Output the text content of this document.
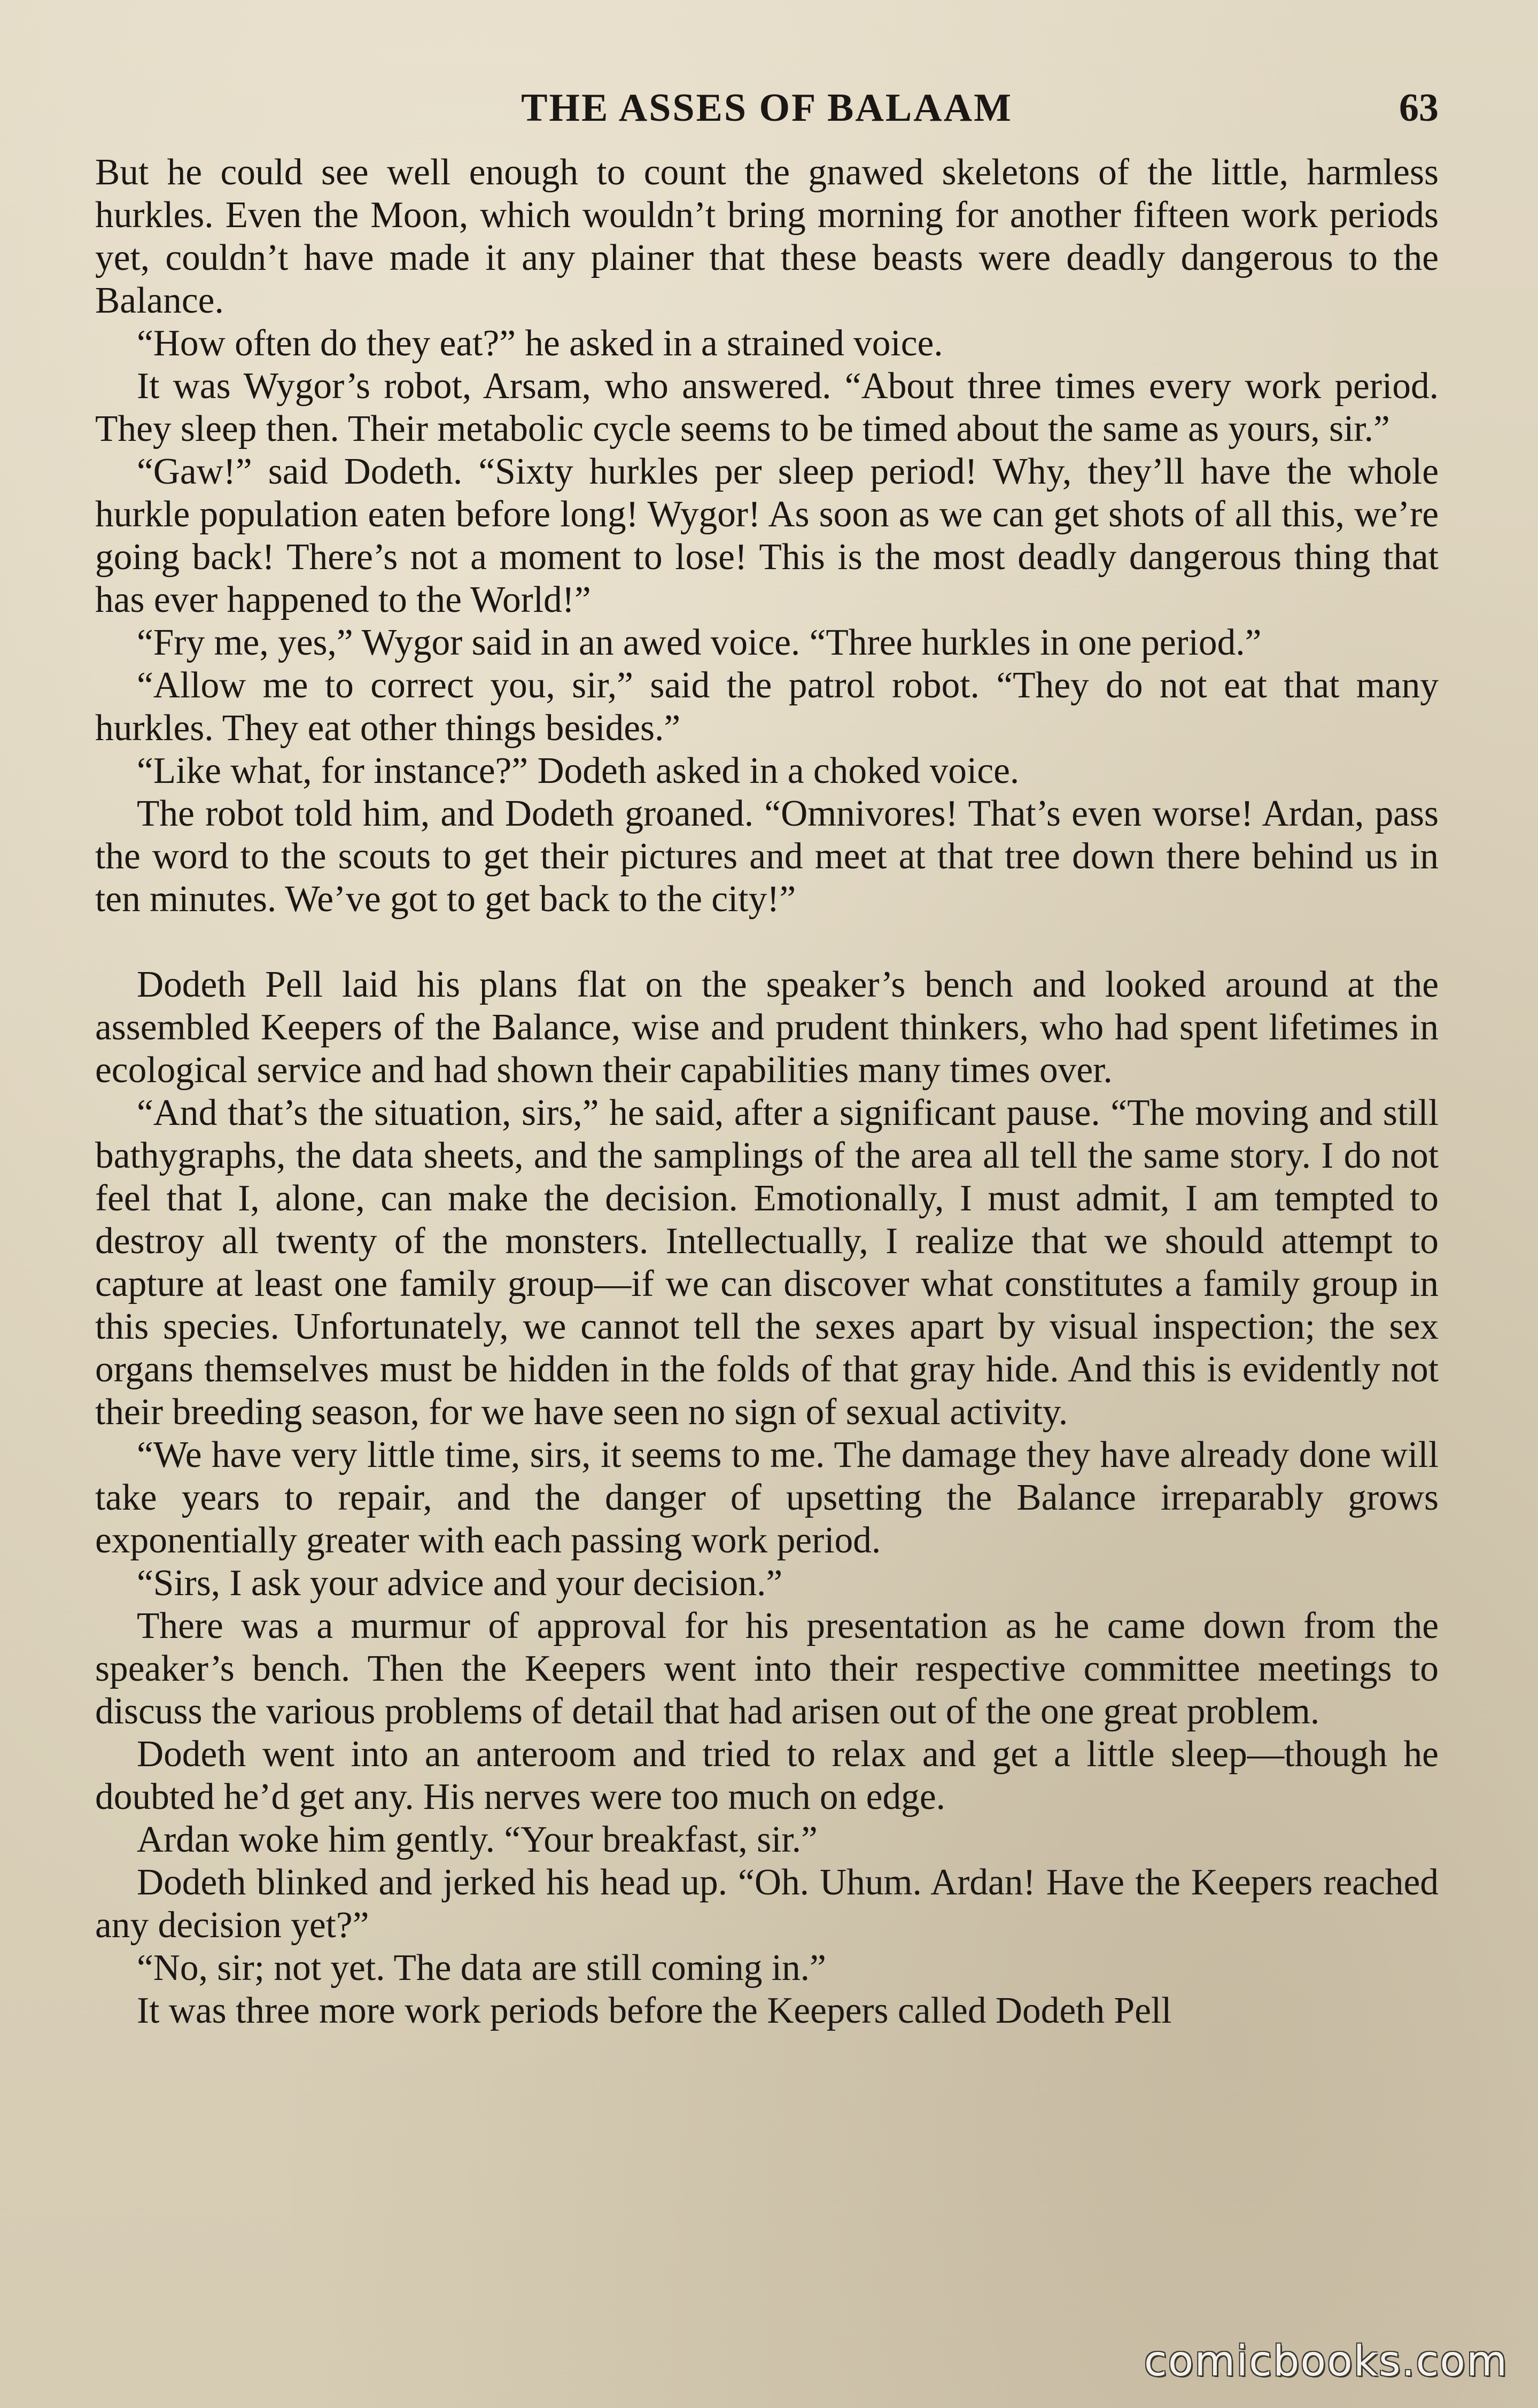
THE ASSES OF BALAAM	63

But he could see well enough to count the gnawed skeletons of the little, harmless hurkles. Even the Moon, which wouldn’t bring morning for another fifteen work periods yet, couldn’t have made it any plainer that these beasts were deadly dangerous to the Balance.

“How often do they eat?” he asked in a strained voice.

It was Wygor’s robot, Arsam, who answered. “About three times every work period. They sleep then. Their metabolic cycle seems to be timed about the same as yours, sir.”

“Gaw!” said Dodeth. “Sixty hurkles per sleep period! Why, they’ll have the whole hurkle population eaten before long! Wygor! As soon as we can get shots of all this, we’re going back! There’s not a moment to lose! This is the most deadly dangerous thing that has ever happened to the World!”

“Fry me, yes,” Wygor said in an awed voice. “Three hurkles in one period.”

“Allow me to correct you, sir,” said the patrol robot. “They do not eat that many hurkles. They eat other things besides.”

“Like what, for instance?” Dodeth asked in a choked voice.

The robot told him, and Dodeth groaned. “Omnivores! That’s even worse! Ardan, pass the word to the scouts to get their pictures and meet at that tree down there behind us in ten minutes. We’ve got to get back to the city!”

Dodeth Pell laid his plans flat on the speaker’s bench and looked around at the assembled Keepers of the Balance, wise and prudent thinkers, who had spent lifetimes in ecological service and had shown their capabilities many times over.

“And that’s the situation, sirs,” he said, after a significant pause. “The moving and still bathygraphs, the data sheets, and the samplings of the area all tell the same story. I do not feel that I, alone, can make the decision. Emotionally, I must admit, I am tempted to destroy all twenty of the monsters. Intellectually, I realize that we should attempt to capture at least one family group—if we can discover what constitutes a family group in this species. Unfortunately, we cannot tell the sexes apart by visual inspection; the sex organs themselves must be hidden in the folds of that gray hide. And this is evidently not their breeding season, for we have seen no sign of sexual activity.

“We have very little time, sirs, it seems to me. The damage they have already done will take years to repair, and the danger of upsetting the Balance irreparably grows exponentially greater with each passing work period.

“Sirs, I ask your advice and your decision.”

There was a murmur of approval for his presentation as he came down from the speaker’s bench. Then the Keepers went into their respective committee meetings to discuss the various problems of detail that had arisen out of the one great problem.

Dodeth went into an anteroom and tried to relax and get a little sleep—though he doubted he’d get any. His nerves were too much on edge.

Ardan woke him gently. “Your breakfast, sir.”

Dodeth blinked and jerked his head up. “Oh. Uhum. Ardan! Have the Keepers reached any decision yet?”

“No, sir; not yet. The data are still coming in.”

It was three more work periods before the Keepers called Dodeth Pell

comicbooks.com
